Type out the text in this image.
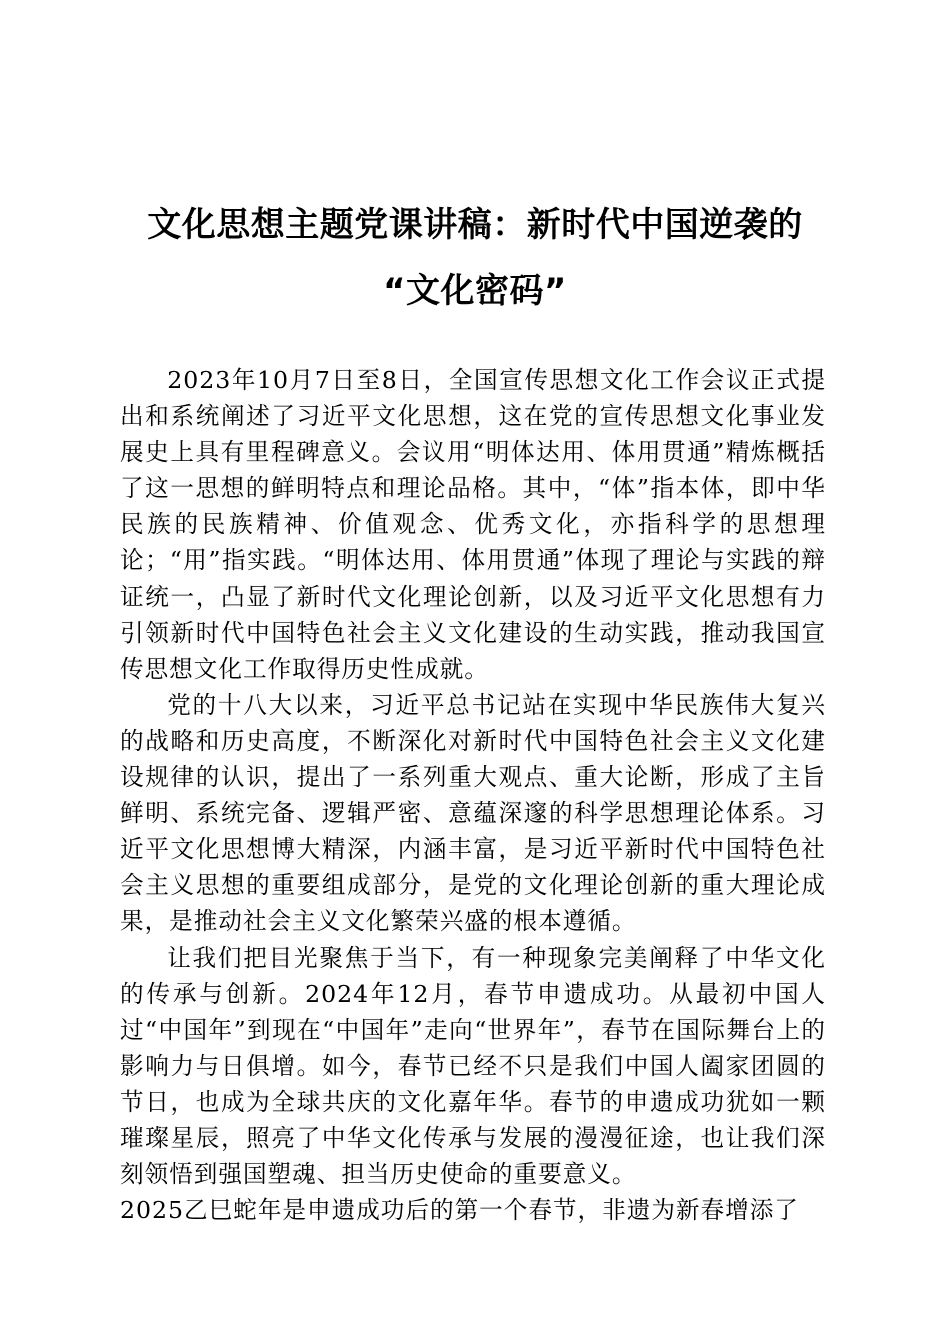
文化思想主题党课讲稿：新时代中国逆袭的
“文化密码”

2023年10月7日至8日，全国宣传思想文化工作会议正式提出和系统阐述了习近平文化思想，这在党的宣传思想文化事业发展史上具有里程碑意义。会议用“明体达用、体用贯通”精炼概括了这一思想的鲜明特点和理论品格。其中，“体”指本体，即中华民族的民族精神、价值观念、优秀文化，亦指科学的思想理论；“用”指实践。“明体达用、体用贯通”体现了理论与实践的辩证统一，凸显了新时代文化理论创新，以及习近平文化思想有力引领新时代中国特色社会主义文化建设的生动实践，推动我国宣传思想文化工作取得历史性成就。

党的十八大以来，习近平总书记站在实现中华民族伟大复兴的战略和历史高度，不断深化对新时代中国特色社会主义文化建设规律的认识，提出了一系列重大观点、重大论断，形成了主旨鲜明、系统完备、逻辑严密、意蕴深邃的科学思想理论体系。习近平文化思想博大精深，内涵丰富，是习近平新时代中国特色社会主义思想的重要组成部分，是党的文化理论创新的重大理论成果，是推动社会主义文化繁荣兴盛的根本遵循。

让我们把目光聚焦于当下，有一种现象完美阐释了中华文化的传承与创新。2024年12月，春节申遗成功。从最初中国人过“中国年”到现在“中国年”走向“世界年”，春节在国际舞台上的影响力与日俱增。如今，春节已经不只是我们中国人阖家团圆的节日，也成为全球共庆的文化嘉年华。春节的申遗成功犹如一颗璀璨星辰，照亮了中华文化传承与发展的漫漫征途，也让我们深刻领悟到强国塑魂、担当历史使命的重要意义。

2025乙巳蛇年是申遗成功后的第一个春节，非遗为新春增添了
